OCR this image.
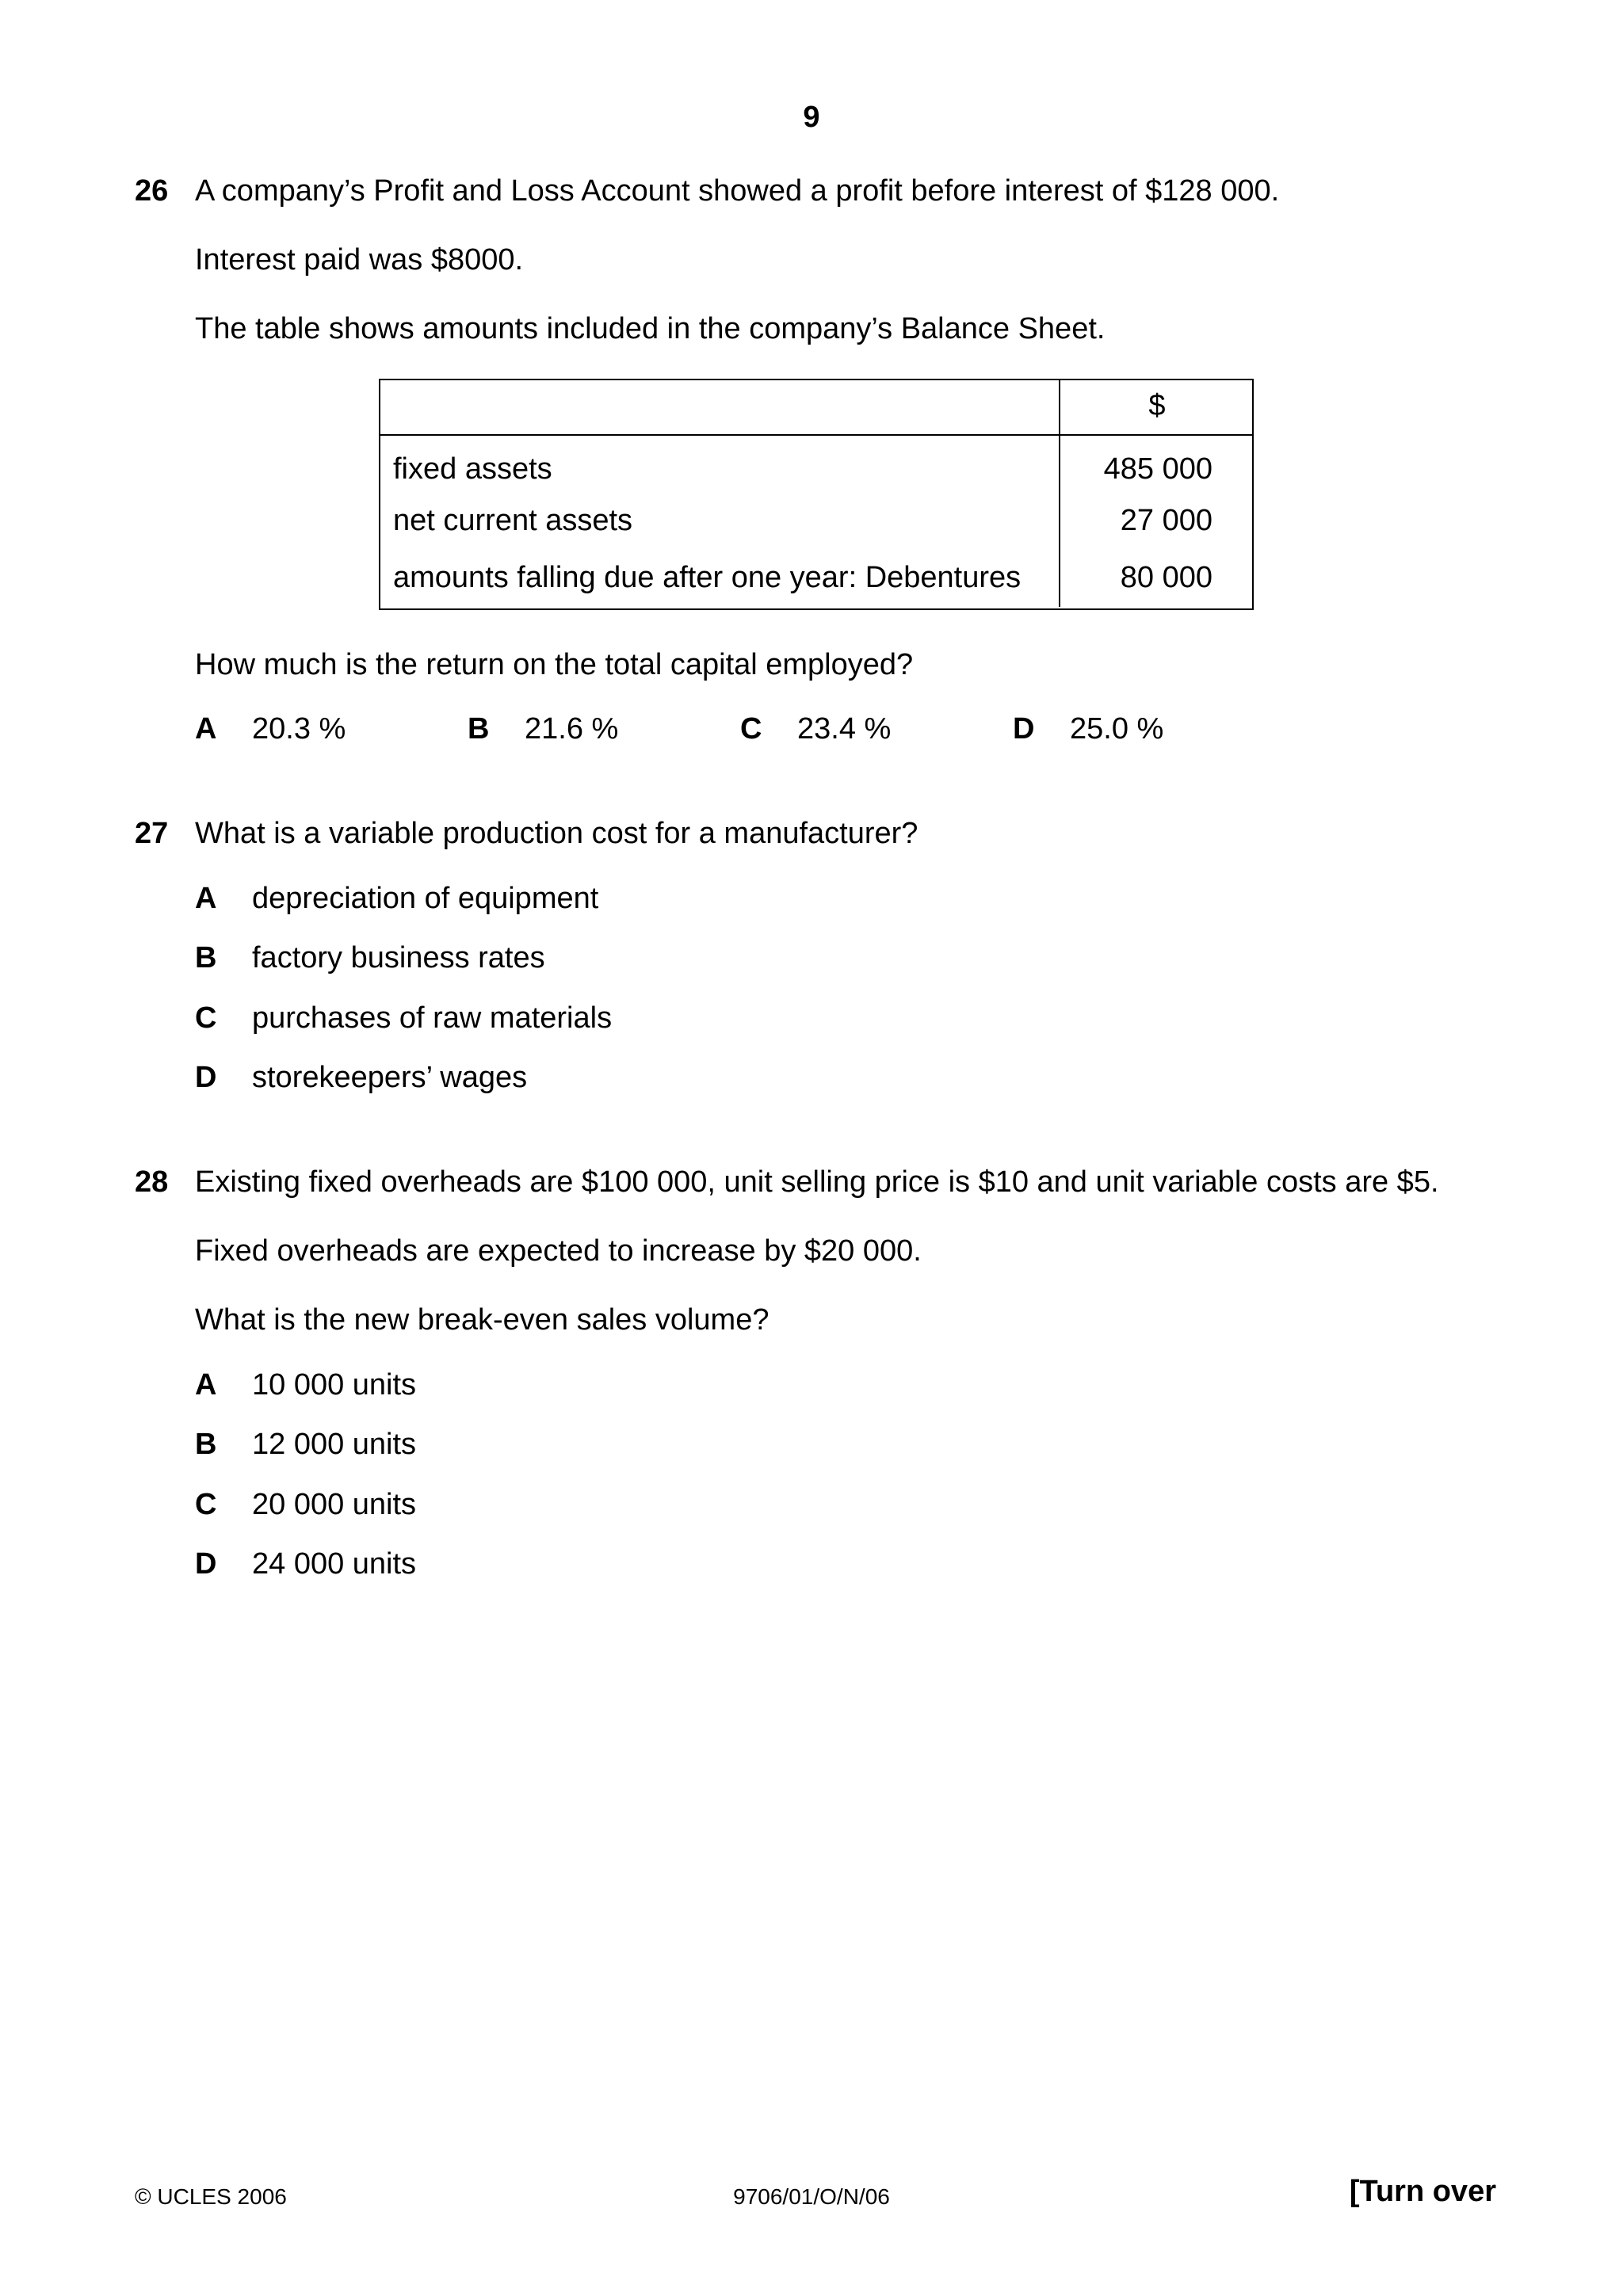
9
26 A company’s Profit and Loss Account showed a profit before interest of $128 000.
Interest paid was $8000.
The table shows amounts included in the company’s Balance Sheet.
	$
fixed assets	485 000
net current assets	27 000
amounts falling due after one year: Debentures	80 000
How much is the return on the total capital employed?
A 20.3 %	B 21.6 %	C 23.4 %	D 25.0 %
27 What is a variable production cost for a manufacturer?
A depreciation of equipment
B factory business rates
C purchases of raw materials
D storekeepers’ wages
28 Existing fixed overheads are $100 000, unit selling price is $10 and unit variable costs are $5.
Fixed overheads are expected to increase by $20 000.
What is the new break-even sales volume?
A 10 000 units
B 12 000 units
C 20 000 units
D 24 000 units
© UCLES 2006	9706/01/O/N/06	[Turn over
